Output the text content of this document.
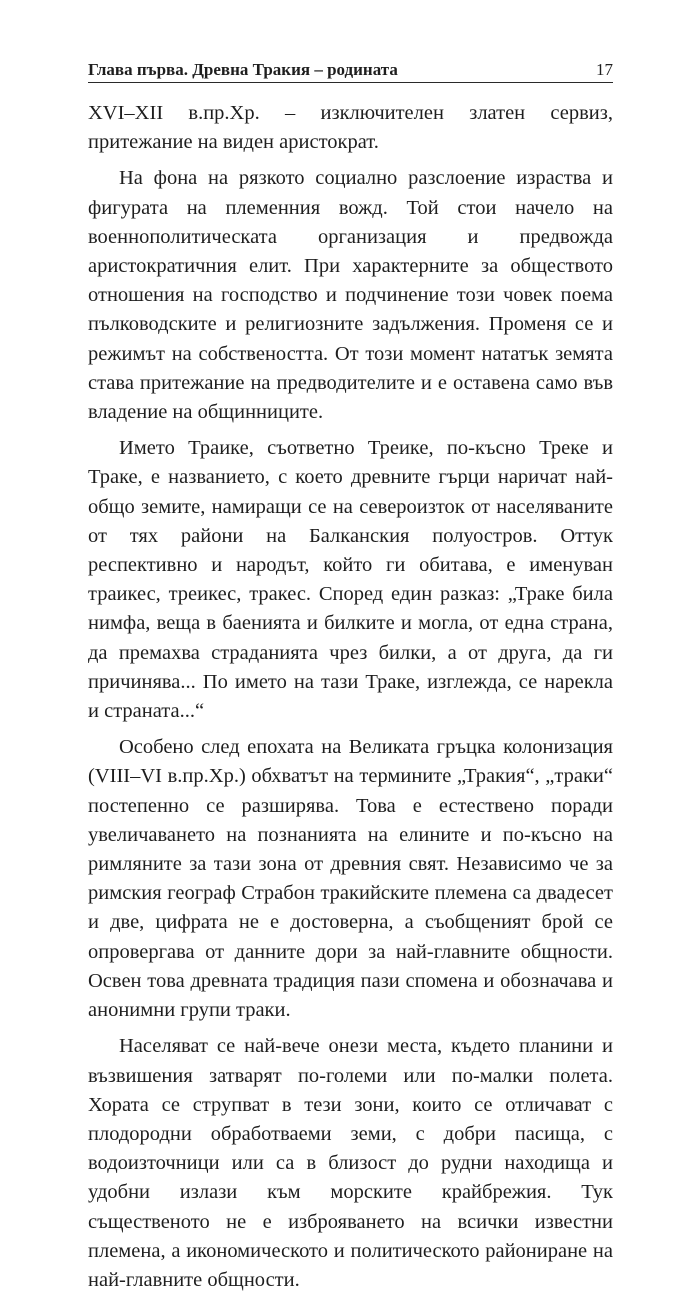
Глава първа. Древна Тракия – родината	17

XVI–XII в.пр.Хр. – изключителен златен сервиз, притежание на виден аристократ.

На фона на рязкото социално разслоение израства и фигурата на племенния вожд. Той стои начело на военнополитическата организация и предвожда аристократичния елит. При характерните за обществото отношения на господство и подчинение този човек поема пълководските и религиозните задължения. Променя се и режимът на собствеността. От този момент нататък земята става притежание на предводителите и е оставена само във владение на общинниците.

Името Траике, съответно Треике, по-късно Треке и Траке, е названието, с което древните гърци наричат най-общо земите, намиращи се на североизток от населяваните от тях райони на Балканския полуостров. Оттук респективно и народът, който ги обитава, е именуван траикес, треикес, тракес. Според един разказ: „Траке била нимфа, веща в баенията и билките и могла, от една страна, да премахва страданията чрез билки, а от друга, да ги причинява... По името на тази Траке, изглежда, се нарекла и страната...“

Особено след епохата на Великата гръцка колонизация (VIII–VI в.пр.Хр.) обхватът на термините „Тракия“, „траки“ постепенно се разширява. Това е естествено поради увеличаването на познанията на елините и по-късно на римляните за тази зона от древния свят. Независимо че за римския географ Страбон тракийските племена са двадесет и две, цифрата не е достоверна, а съобщеният брой се опровергава от данните дори за най-главните общности. Освен това древната традиция пази спомена и обозначава и анонимни групи траки.

Населяват се най-вече онези места, където планини и възвишения затварят по-големи или по-малки полета. Хората се струпват в тези зони, които се отличават с плодородни обработваеми земи, с добри пасища, с водоизточници или са в близост до рудни находища и удобни излази към морските крайбрежия. Тук същественото не е изброяването на всички известни племена, а икономическото и политическото райониране на най-главните общности.
